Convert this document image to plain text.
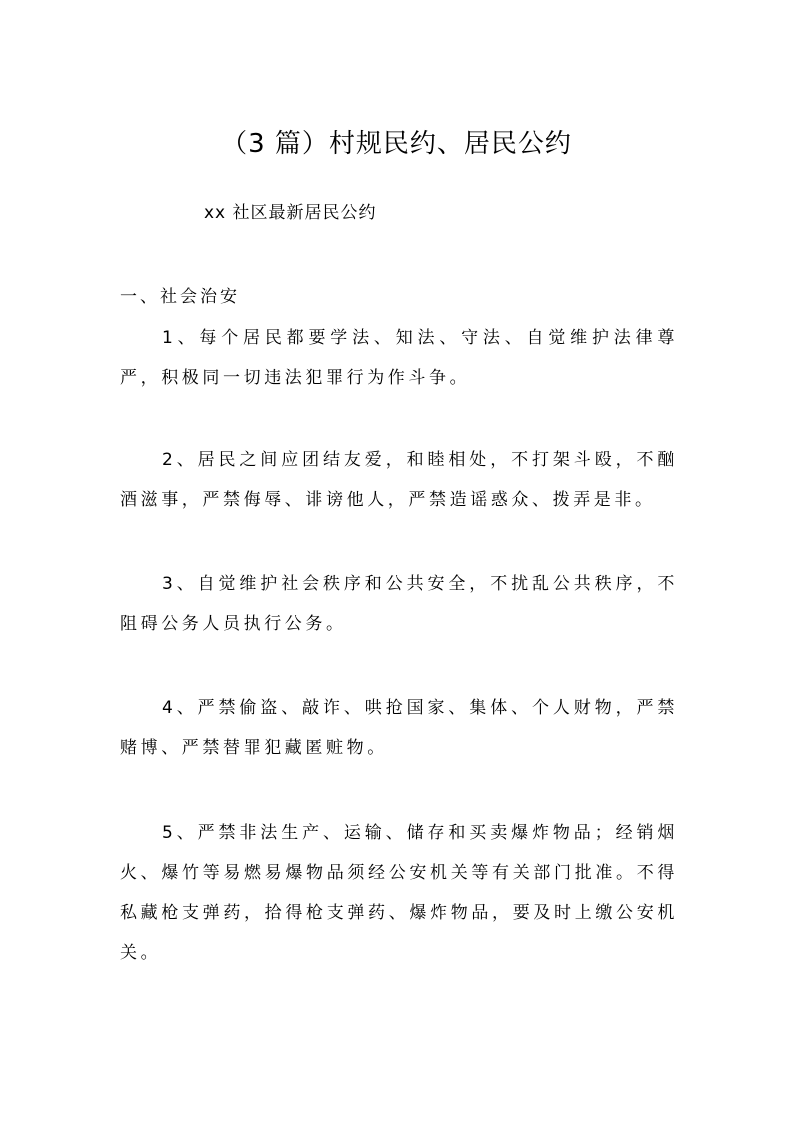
（3 篇）村规民约、居民公约

xx 社区最新居民公约

一、社会治安

1、每个居民都要学法、知法、守法、自觉维护法律尊严，积极同一切违法犯罪行为作斗争。

2、居民之间应团结友爱，和睦相处，不打架斗殴，不酗酒滋事，严禁侮辱、诽谤他人，严禁造谣惑众、拨弄是非。

3、自觉维护社会秩序和公共安全，不扰乱公共秩序，不阻碍公务人员执行公务。

4、严禁偷盗、敲诈、哄抢国家、集体、个人财物，严禁赌博、严禁替罪犯藏匿赃物。

5、严禁非法生产、运输、储存和买卖爆炸物品；经销烟火、爆竹等易燃易爆物品须经公安机关等有关部门批准。不得私藏枪支弹药，拾得枪支弹药、爆炸物品，要及时上缴公安机关。
